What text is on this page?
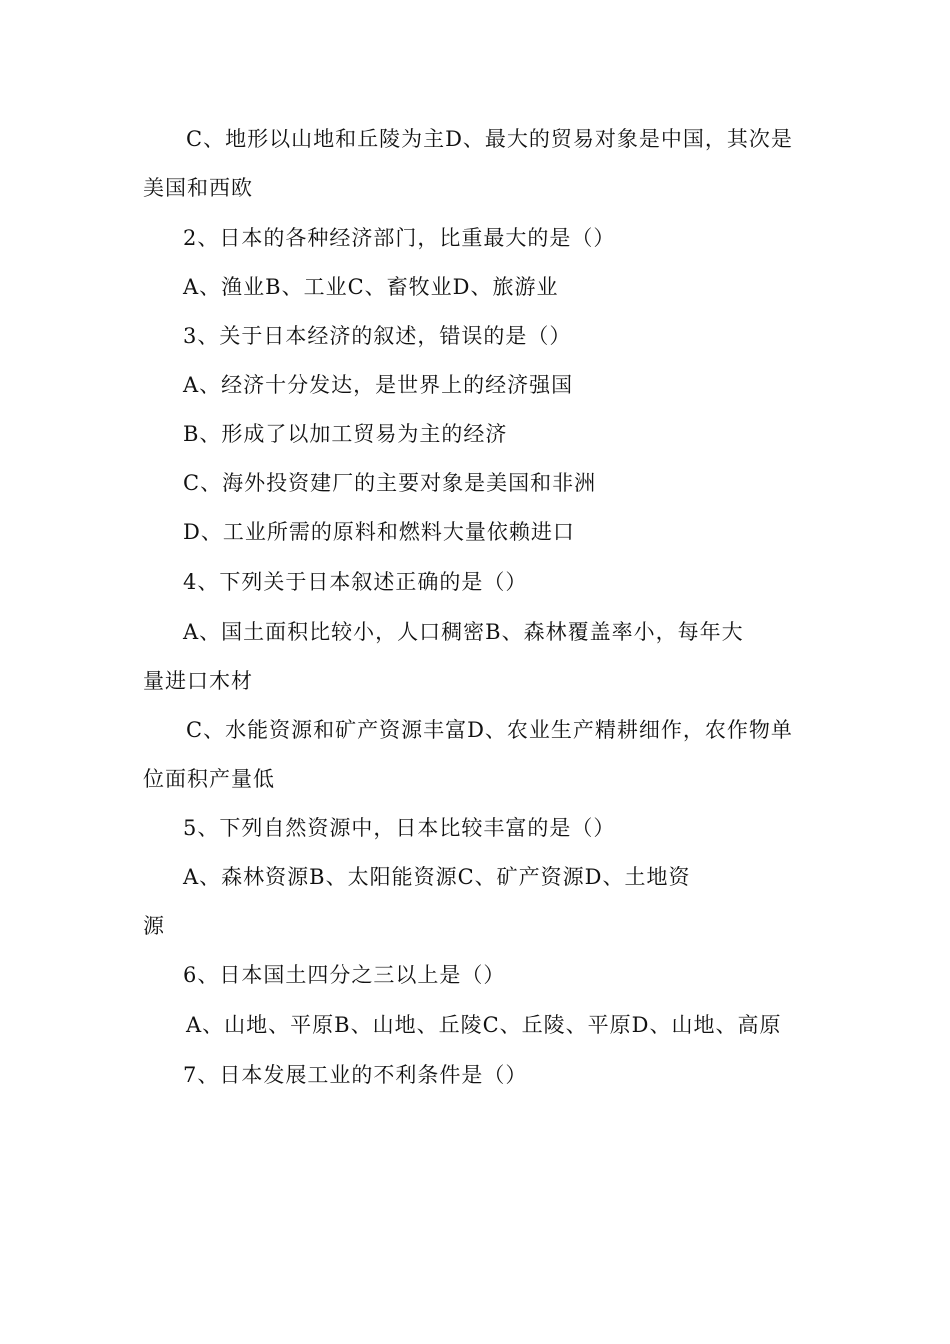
C、地形以山地和丘陵为主D、最大的贸易对象是中国，其次是
美国和西欧
2、日本的各种经济部门，比重最大的是（）
A、渔业B、工业C、畜牧业D、旅游业
3、关于日本经济的叙述，错误的是（）
A、经济十分发达，是世界上的经济强国
B、形成了以加工贸易为主的经济
C、海外投资建厂的主要对象是美国和非洲
D、工业所需的原料和燃料大量依赖进口
4、下列关于日本叙述正确的是（）
A、国土面积比较小，人口稠密B、森林覆盖率小，每年大
量进口木材
C、水能资源和矿产资源丰富D、农业生产精耕细作，农作物单
位面积产量低
5、下列自然资源中，日本比较丰富的是（）
A、森林资源B、太阳能资源C、矿产资源D、土地资
源
6、日本国土四分之三以上是（）
A、山地、平原B、山地、丘陵C、丘陵、平原D、山地、高原
7、日本发展工业的不利条件是（）
